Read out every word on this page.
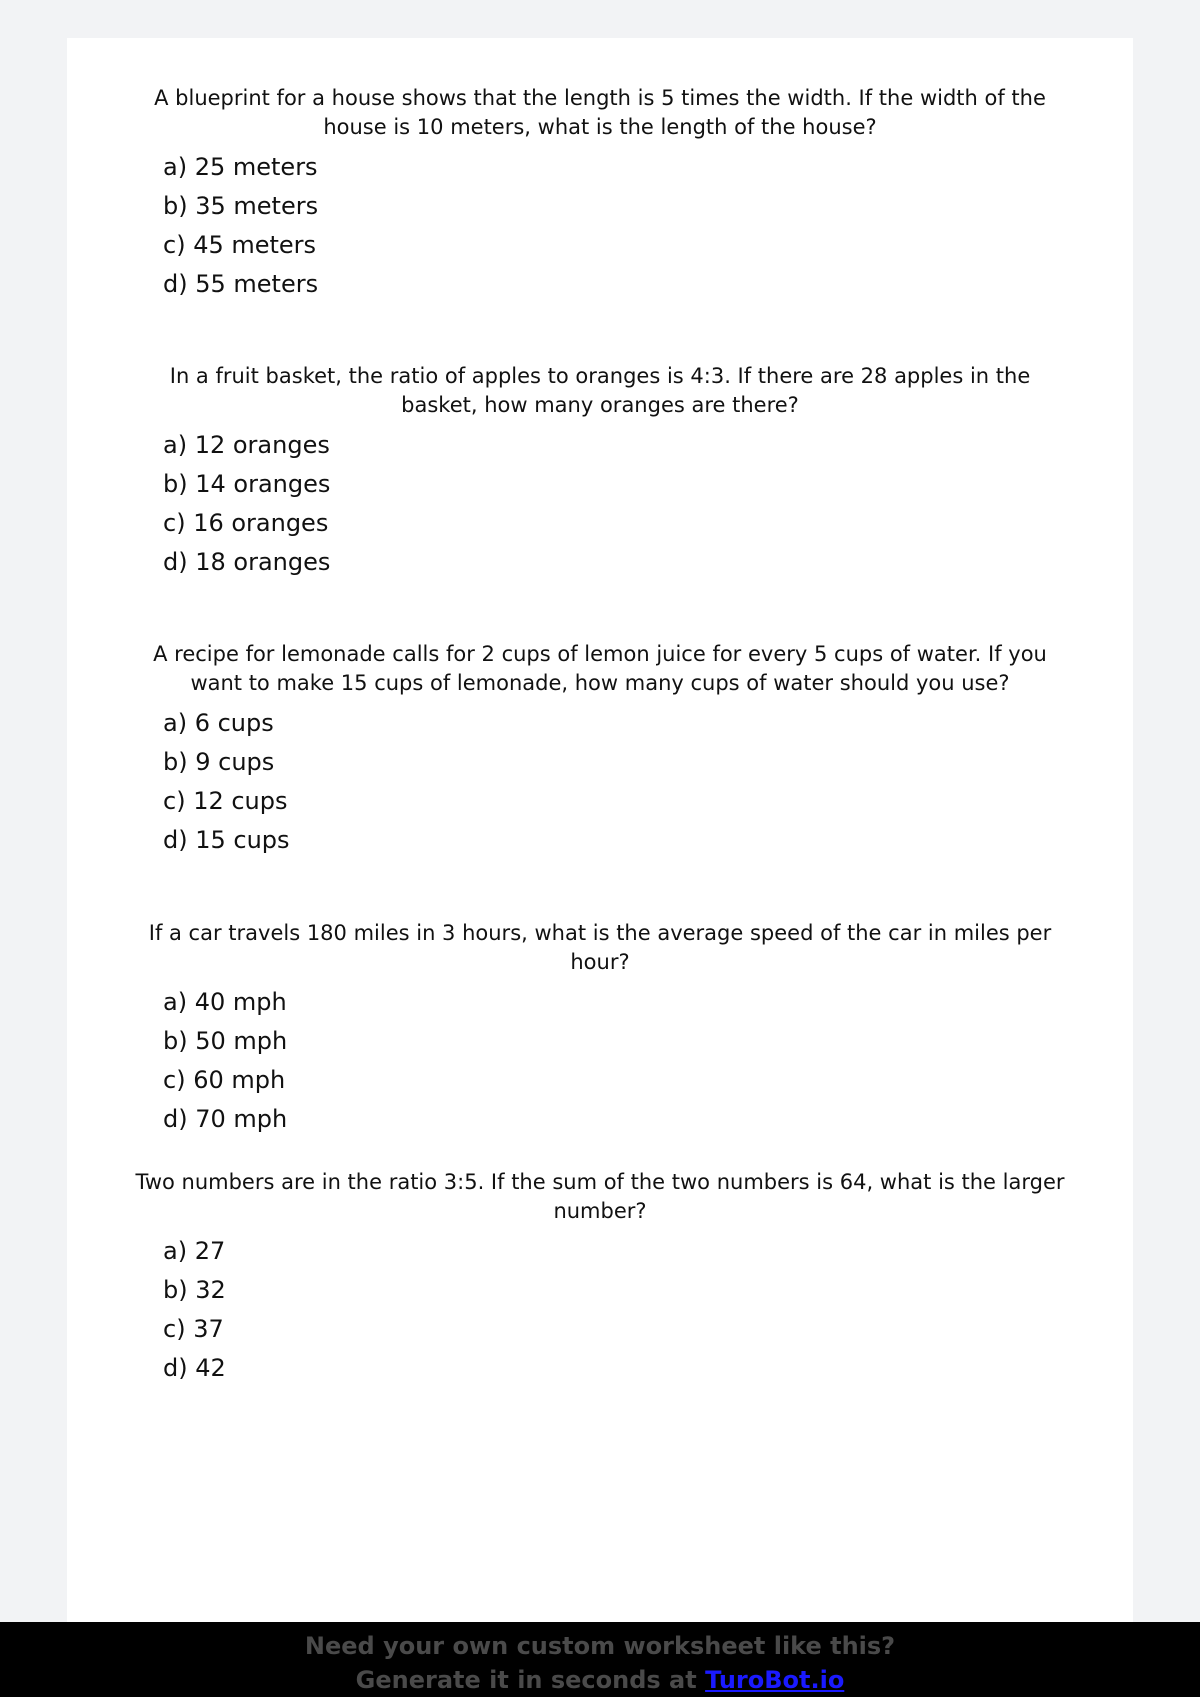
A blueprint for a house shows that the length is 5 times the width. If the width of the house is 10 meters, what is the length of the house?

a) 25 meters
b) 35 meters
c) 45 meters
d) 55 meters

In a fruit basket, the ratio of apples to oranges is 4:3. If there are 28 apples in the basket, how many oranges are there?

a) 12 oranges
b) 14 oranges
c) 16 oranges
d) 18 oranges

A recipe for lemonade calls for 2 cups of lemon juice for every 5 cups of water. If you want to make 15 cups of lemonade, how many cups of water should you use?

a) 6 cups
b) 9 cups
c) 12 cups
d) 15 cups

If a car travels 180 miles in 3 hours, what is the average speed of the car in miles per hour?

a) 40 mph
b) 50 mph
c) 60 mph
d) 70 mph

Two numbers are in the ratio 3:5. If the sum of the two numbers is 64, what is the larger number?

a) 27
b) 32
c) 37
d) 42
Need your own custom worksheet like this?
Generate it in seconds at TuroBot.io
